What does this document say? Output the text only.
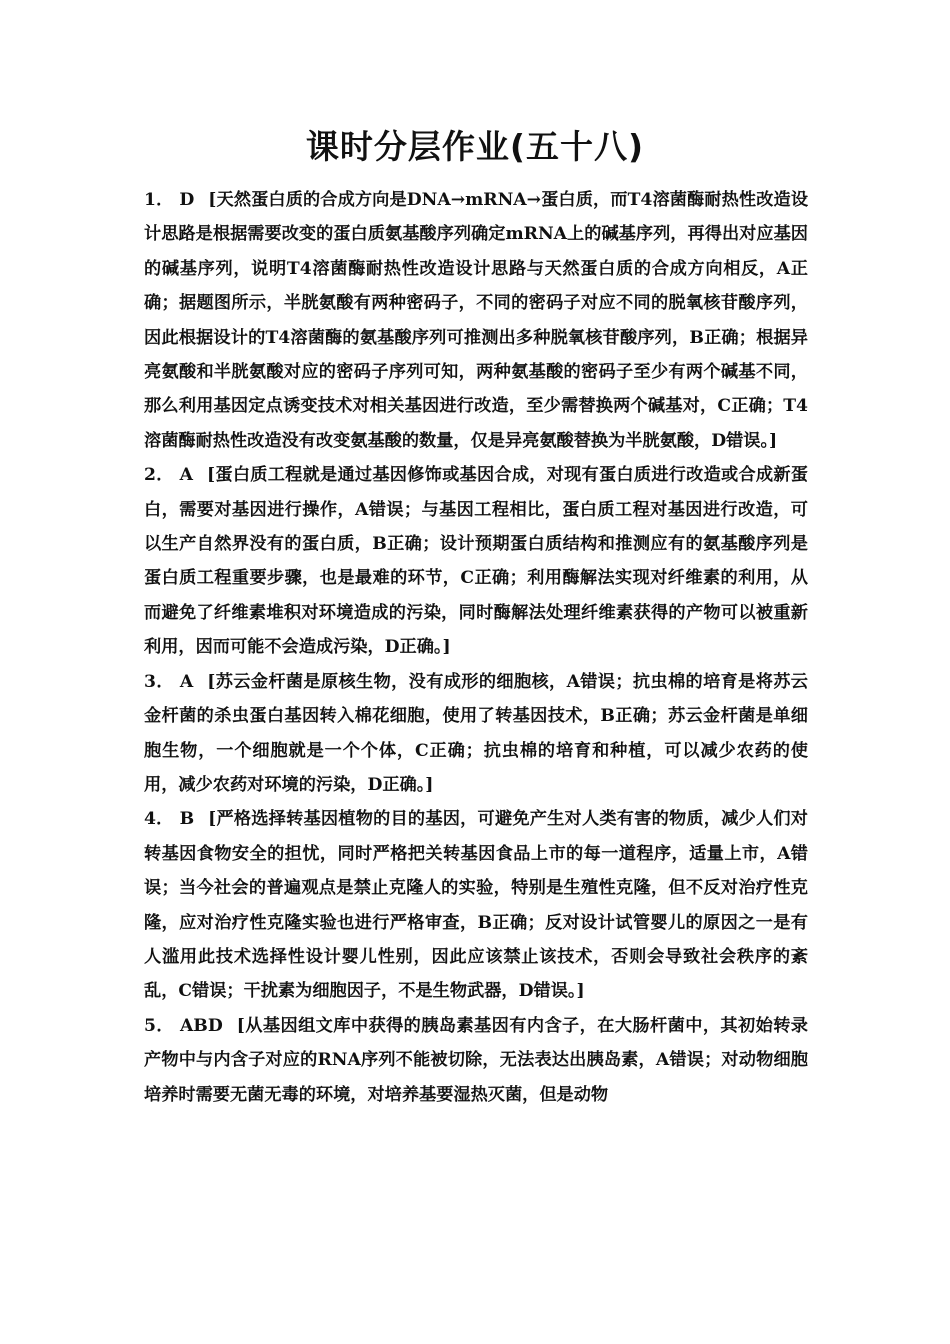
课时分层作业(五十八)

1． D [天然蛋白质的合成方向是DNA→mRNA→蛋白质，而T4溶菌酶耐热性改造设计思路是根据需要改变的蛋白质氨基酸序列确定mRNA上的碱基序列，再得出对应基因的碱基序列，说明T4溶菌酶耐热性改造设计思路与天然蛋白质的合成方向相反，A正确；据题图所示，半胱氨酸有两种密码子，不同的密码子对应不同的脱氧核苷酸序列，因此根据设计的T4溶菌酶的氨基酸序列可推测出多种脱氧核苷酸序列，B正确；根据异亮氨酸和半胱氨酸对应的密码子序列可知，两种氨基酸的密码子至少有两个碱基不同，那么利用基因定点诱变技术对相关基因进行改造，至少需替换两个碱基对，C正确；T4溶菌酶耐热性改造没有改变氨基酸的数量，仅是异亮氨酸替换为半胱氨酸，D错误。]

2． A [蛋白质工程就是通过基因修饰或基因合成，对现有蛋白质进行改造或合成新蛋白，需要对基因进行操作，A错误；与基因工程相比，蛋白质工程对基因进行改造，可以生产自然界没有的蛋白质，B正确；设计预期蛋白质结构和推测应有的氨基酸序列是蛋白质工程重要步骤，也是最难的环节，C正确；利用酶解法实现对纤维素的利用，从而避免了纤维素堆积对环境造成的污染，同时酶解法处理纤维素获得的产物可以被重新利用，因而可能不会造成污染，D正确。]

3． A [苏云金杆菌是原核生物，没有成形的细胞核，A错误；抗虫棉的培育是将苏云金杆菌的杀虫蛋白基因转入棉花细胞，使用了转基因技术，B正确；苏云金杆菌是单细胞生物，一个细胞就是一个个体，C正确；抗虫棉的培育和种植，可以减少农药的使用，减少农药对环境的污染，D正确。]

4． B [严格选择转基因植物的目的基因，可避免产生对人类有害的物质，减少人们对转基因食物安全的担忧，同时严格把关转基因食品上市的每一道程序，适量上市，A错误；当今社会的普遍观点是禁止克隆人的实验，特别是生殖性克隆，但不反对治疗性克隆，应对治疗性克隆实验也进行严格审查，B正确；反对设计试管婴儿的原因之一是有人滥用此技术选择性设计婴儿性别，因此应该禁止该技术，否则会导致社会秩序的紊乱，C错误；干扰素为细胞因子，不是生物武器，D错误。]

5． ABD [从基因组文库中获得的胰岛素基因有内含子，在大肠杆菌中，其初始转录产物中与内含子对应的RNA序列不能被切除，无法表达出胰岛素，A错误；对动物细胞培养时需要无菌无毒的环境，对培养基要湿热灭菌，但是动物
